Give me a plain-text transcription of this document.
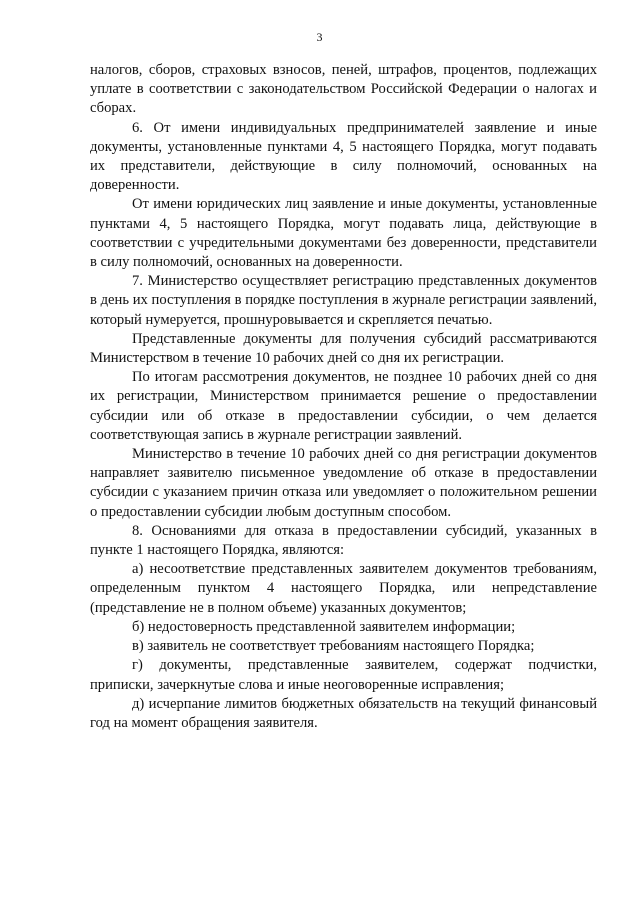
3

налогов, сборов, страховых взносов, пеней, штрафов, процентов, подлежащих уплате в соответствии с законодательством Российской Федерации о налогах и сборах.

6. От имени индивидуальных предпринимателей заявление и иные документы, установленные пунктами 4, 5 настоящего Порядка, могут подавать их представители, действующие в силу полномочий, основанных на доверенности.

От имени юридических лиц заявление и иные документы, установленные пунктами 4, 5 настоящего Порядка, могут подавать лица, действующие в соответствии с учредительными документами без доверенности, представители в силу полномочий, основанных на доверенности.

7. Министерство осуществляет регистрацию представленных документов в день их поступления в порядке поступления в журнале регистрации заявлений, который нумеруется, прошнуровывается и скрепляется печатью.

Представленные документы для получения субсидий рассматриваются Министерством в течение 10 рабочих дней со дня их регистрации.

По итогам рассмотрения документов, не позднее 10 рабочих дней со дня их регистрации, Министерством принимается решение о предоставлении субсидии или об отказе в предоставлении субсидии, о чем делается соответствующая запись в журнале регистрации заявлений.

Министерство в течение 10 рабочих дней со дня регистрации документов направляет заявителю письменное уведомление об отказе в предоставлении субсидии с указанием причин отказа или уведомляет о положительном решении о предоставлении субсидии любым доступным способом.

8. Основаниями для отказа в предоставлении субсидий, указанных в пункте 1 настоящего Порядка, являются:

а) несоответствие представленных заявителем документов требованиям, определенным пунктом 4 настоящего Порядка, или непредставление (представление не в полном объеме) указанных документов;

б) недостоверность представленной заявителем информации;

в) заявитель не соответствует требованиям настоящего Порядка;

г) документы, представленные заявителем, содержат подчистки, приписки, зачеркнутые слова и иные неоговоренные исправления;

д) исчерпание лимитов бюджетных обязательств на текущий финансовый год на момент обращения заявителя.
